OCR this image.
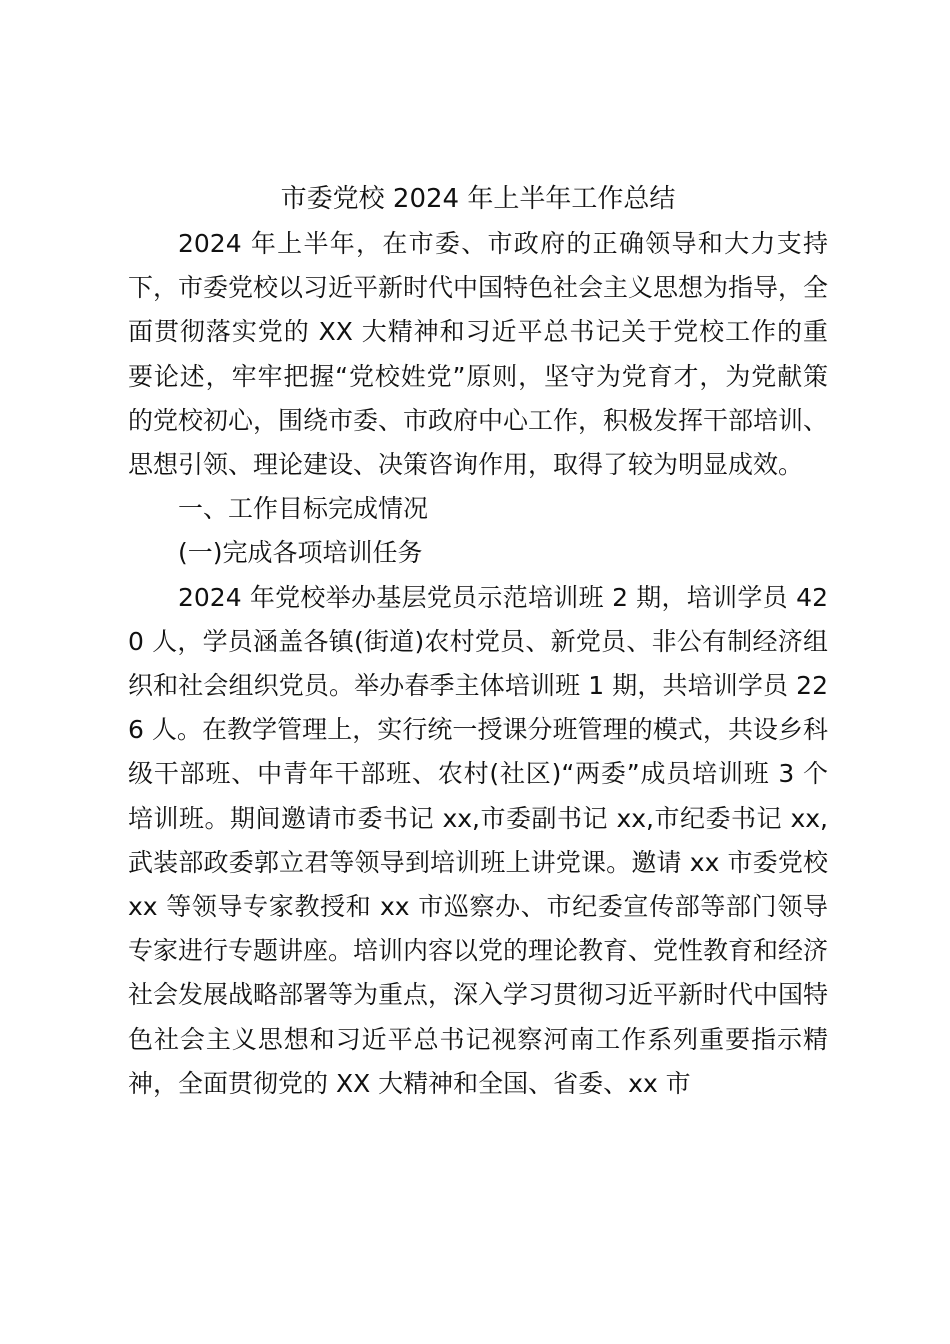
市委党校 2024 年上半年工作总结

2024 年上半年，在市委、市政府的正确领导和大力支持下，市委党校以习近平新时代中国特色社会主义思想为指导，全面贯彻落实党的 XX 大精神和习近平总书记关于党校工作的重要论述，牢牢把握“党校姓党”原则，坚守为党育才，为党献策的党校初心，围绕市委、市政府中心工作，积极发挥干部培训、思想引领、理论建设、决策咨询作用，取得了较为明显成效。

一、工作目标完成情况

(一)完成各项培训任务

2024 年党校举办基层党员示范培训班 2 期，培训学员 420 人，学员涵盖各镇(街道)农村党员、新党员、非公有制经济组织和社会组织党员。举办春季主体培训班 1 期，共培训学员 226 人。在教学管理上，实行统一授课分班管理的模式，共设乡科级干部班、中青年干部班、农村(社区)“两委”成员培训班 3 个培训班。期间邀请市委书记 xx,市委副书记 xx,市纪委书记 xx,武装部政委郭立君等领导到培训班上讲党课。邀请 xx 市委党校 xx 等领导专家教授和 xx 市巡察办、市纪委宣传部等部门领导专家进行专题讲座。培训内容以党的理论教育、党性教育和经济社会发展战略部署等为重点，深入学习贯彻习近平新时代中国特色社会主义思想和习近平总书记视察河南工作系列重要指示精神，全面贯彻党的 XX 大精神和全国、省委、xx 市
